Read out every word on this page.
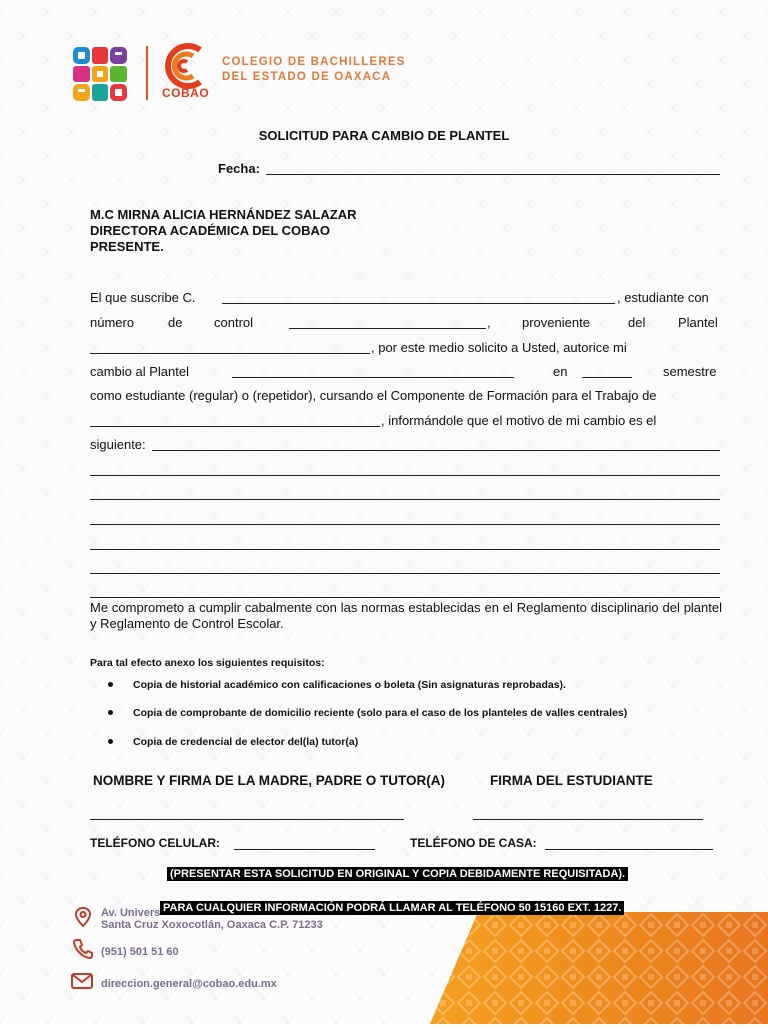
COBAO
COLEGIO DE BACHILLERES
DEL ESTADO DE OAXACA
SOLICITUD PARA CAMBIO DE PLANTEL
Fecha:
M.C MIRNA ALICIA HERNÁNDEZ SALAZAR
DIRECTORA ACADÉMICA DEL COBAO
PRESENTE.
El que suscribe C.	, estudiante con
número	de control	, proveniente	del	Plantel
, por este medio solicito a Usted, autorice mi
cambio al Plantel	en	semestre
como estudiante (regular) o (repetidor), cursando el Componente de Formación para el Trabajo de
, informándole que el motivo de mi cambio es el
siguiente:
Me comprometo a cumplir cabalmente con las normas establecidas en el Reglamento disciplinario del plantel y Reglamento de Control Escolar.
Para tal efecto anexo los siguientes requisitos:
Copia de historial académico con calificaciones o boleta (Sin asignaturas reprobadas).
Copia de comprobante de domicilio reciente (solo para el caso de los planteles de valles centrales)
Copia de credencial de elector del(la) tutor(a)
NOMBRE Y FIRMA DE LA MADRE, PADRE O TUTOR(A)	FIRMA DEL ESTUDIANTE
TELÉFONO CELULAR:	TELÉFONO DE CASA:
(PRESENTAR ESTA SOLICITUD EN ORIGINAL Y COPIA DEBIDAMENTE REQUISITADA).
Av. Univers PARA CUALQUIER INFORMACIÓN PODRÁ LLAMAR AL TELÉFONO 50 15160 EXT. 1227.
Santa Cruz Xoxocotlán, Oaxaca C.P. 71233
(951) 501 51 60
direccion.general@cobao.edu.mx
